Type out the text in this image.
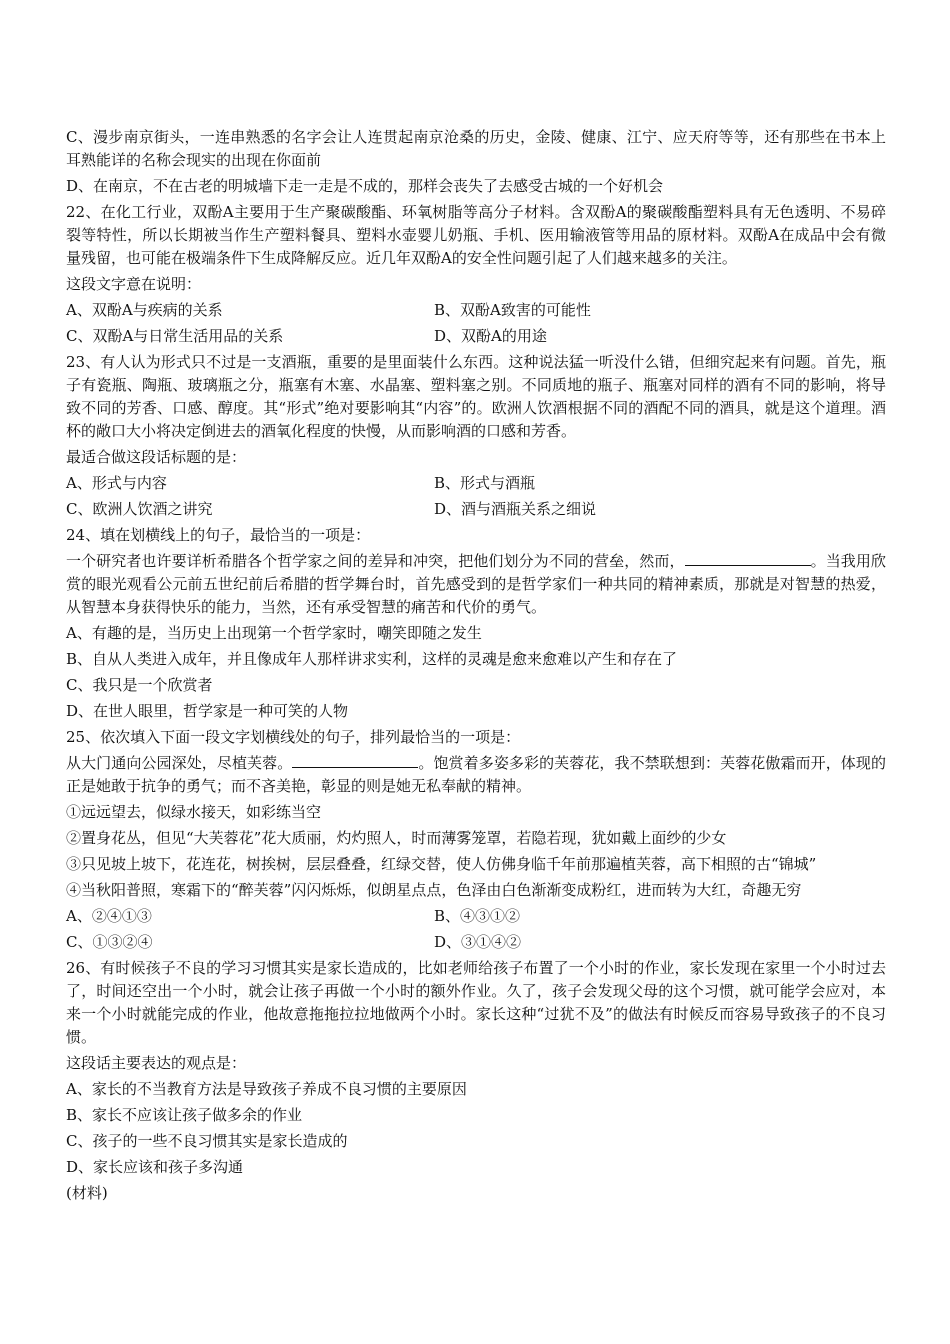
C、漫步南京街头，一连串熟悉的名字会让人连贯起南京沧桑的历史，金陵、健康、江宁、应天府等等，还有那些在书本上耳熟能详的名称会现实的出现在你面前

D、在南京，不在古老的明城墙下走一走是不成的，那样会丧失了去感受古城的一个好机会

22、在化工行业，双酚A主要用于生产聚碳酸酯、环氧树脂等高分子材料。含双酚A的聚碳酸酯塑料具有无色透明、不易碎裂等特性，所以长期被当作生产塑料餐具、塑料水壶婴儿奶瓶、手机、医用输液管等用品的原材料。双酚A在成品中会有微量残留，也可能在极端条件下生成降解反应。近几年双酚A的安全性问题引起了人们越来越多的关注。

这段文字意在说明：

A、双酚A与疾病的关系	B、双酚A致害的可能性
C、双酚A与日常生活用品的关系	D、双酚A的用途

23、有人认为形式只不过是一支酒瓶，重要的是里面装什么东西。这种说法猛一听没什么错，但细究起来有问题。首先，瓶子有瓷瓶、陶瓶、玻璃瓶之分，瓶塞有木塞、水晶塞、塑料塞之别。不同质地的瓶子、瓶塞对同样的酒有不同的影响，将导致不同的芳香、口感、醇度。其“形式”绝对要影响其“内容”的。欧洲人饮酒根据不同的酒配不同的酒具，就是这个道理。酒杯的敞口大小将决定倒进去的酒氧化程度的快慢，从而影响酒的口感和芳香。

最适合做这段话标题的是：

A、形式与内容	B、形式与酒瓶
C、欧洲人饮酒之讲究	D、酒与酒瓶关系之细说

24、填在划横线上的句子，最恰当的一项是：

一个研究者也许要详析希腊各个哲学家之间的差异和冲突，把他们划分为不同的营垒，然而，	。当我用欣赏的眼光观看公元前五世纪前后希腊的哲学舞台时，首先感受到的是哲学家们一种共同的精神素质，那就是对智慧的热爱，从智慧本身获得快乐的能力，当然，还有承受智慧的痛苦和代价的勇气。

A、有趣的是，当历史上出现第一个哲学家时，嘲笑即随之发生

B、自从人类进入成年，并且像成年人那样讲求实利，这样的灵魂是愈来愈难以产生和存在了

C、我只是一个欣赏者

D、在世人眼里，哲学家是一种可笑的人物

25、依次填入下面一段文字划横线处的句子，排列最恰当的一项是：

从大门通向公园深处，尽植芙蓉。	。饱赏着多姿多彩的芙蓉花，我不禁联想到：芙蓉花傲霜而开，体现的正是她敢于抗争的勇气；而不吝美艳，彰显的则是她无私奉献的精神。

①远远望去，似绿水接天，如彩练当空

②置身花丛，但见“大芙蓉花”花大质丽，灼灼照人，时而薄雾笼罩，若隐若现，犹如戴上面纱的少女

③只见坡上坡下，花连花，树挨树，层层叠叠，红绿交替，使人仿佛身临千年前那遍植芙蓉，高下相照的古“锦城”

④当秋阳普照，寒霜下的“醉芙蓉”闪闪烁烁，似朗星点点，色泽由白色渐渐变成粉红，进而转为大红，奇趣无穷

A、②④①③	B、④③①②
C、①③②④	D、③①④②

26、有时候孩子不良的学习习惯其实是家长造成的，比如老师给孩子布置了一个小时的作业，家长发现在家里一个小时过去了，时间还空出一个小时，就会让孩子再做一个小时的额外作业。久了，孩子会发现父母的这个习惯，就可能学会应对，本来一个小时就能完成的作业，他故意拖拖拉拉地做两个小时。家长这种“过犹不及”的做法有时候反而容易导致孩子的不良习惯。

这段话主要表达的观点是：

A、家长的不当教育方法是导致孩子养成不良习惯的主要原因

B、家长不应该让孩子做多余的作业

C、孩子的一些不良习惯其实是家长造成的

D、家长应该和孩子多沟通

(材料)
